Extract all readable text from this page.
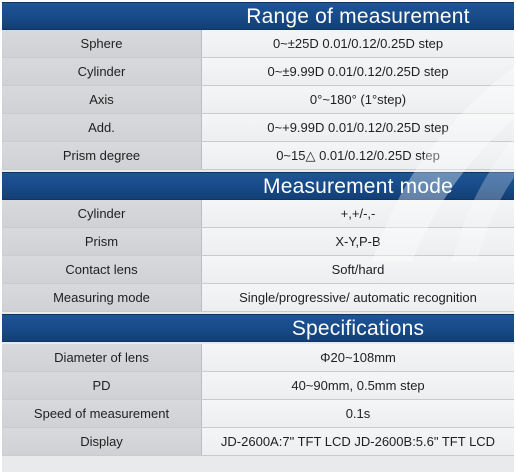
Range of measurement
Sphere	0~±25D 0.01/0.12/0.25D step
Cylinder	0~±9.99D 0.01/0.12/0.25D step
Axis	0°~180° (1°step)
Add.	0~+9.99D 0.01/0.12/0.25D step
Prism degree	0~15△ 0.01/0.12/0.25D step
Measurement mode
Cylinder	+,+/-,-
Prism	X-Y,P-B
Contact lens	Soft/hard
Measuring mode	Single/progressive/ automatic recognition
Specifications
Diameter of lens	Φ20~108mm
PD	40~90mm, 0.5mm step
Speed of measurement	0.1s
Display	JD-2600A:7" TFT LCD JD-2600B:5.6" TFT LCD
